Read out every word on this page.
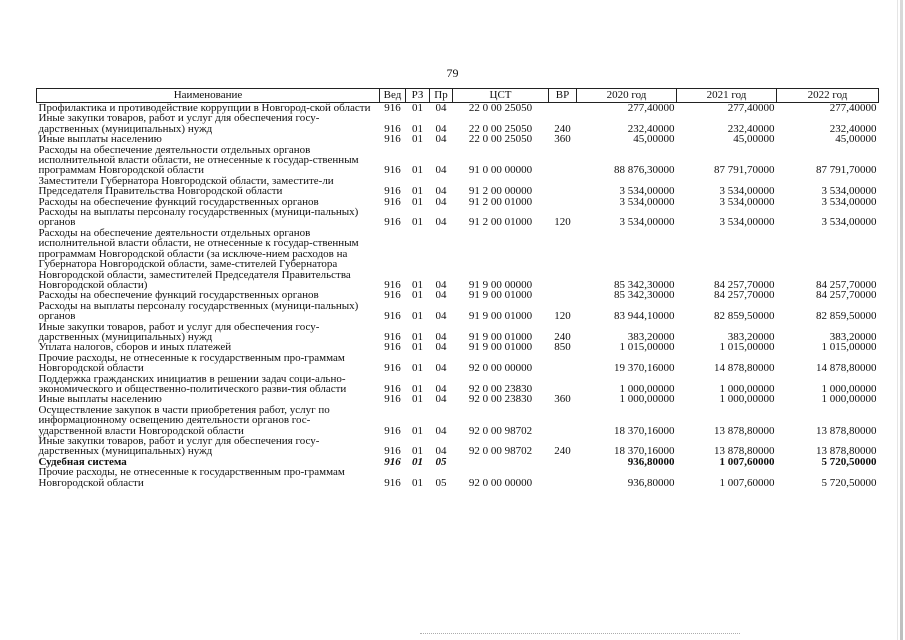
79
Наименование	Вед	РЗ	Пр	ЦСТ	ВР	2020 год	2021 год	2022 год
Профилактика и противодействие коррупции в Новгород-ской области	916	01	04	22 0 00 25050		277,40000	277,40000	277,40000
Иные закупки товаров, работ и услуг для обеспечения госу-дарственных (муниципальных) нужд	916	01	04	22 0 00 25050	240	232,40000	232,40000	232,40000
Иные выплаты населению	916	01	04	22 0 00 25050	360	45,00000	45,00000	45,00000
Расходы на обеспечение деятельности отдельных органов исполнительной власти области, не отнесенные к государ-ственным программам Новгородской области	916	01	04	91 0 00 00000		88 876,30000	87 791,70000	87 791,70000
Заместители Губернатора Новгородской области, заместите-ли Председателя Правительства Новгородской области	916	01	04	91 2 00 00000		3 534,00000	3 534,00000	3 534,00000
Расходы на обеспечение функций государственных органов	916	01	04	91 2 00 01000		3 534,00000	3 534,00000	3 534,00000
Расходы на выплаты персоналу государственных (муници-пальных) органов	916	01	04	91 2 00 01000	120	3 534,00000	3 534,00000	3 534,00000
Расходы на обеспечение деятельности отдельных органов исполнительной власти области, не отнесенные к государ-ственным программам Новгородской области (за исключе-нием расходов на Губернатора Новгородской области, заме-стителей Губернатора Новгородской области, заместителей Председателя Правительства Новгородской области)	916	01	04	91 9 00 00000		85 342,30000	84 257,70000	84 257,70000
Расходы на обеспечение функций государственных органов	916	01	04	91 9 00 01000		85 342,30000	84 257,70000	84 257,70000
Расходы на выплаты персоналу государственных (муници-пальных) органов	916	01	04	91 9 00 01000	120	83 944,10000	82 859,50000	82 859,50000
Иные закупки товаров, работ и услуг для обеспечения госу-дарственных (муниципальных) нужд	916	01	04	91 9 00 01000	240	383,20000	383,20000	383,20000
Уплата налогов, сборов и иных платежей	916	01	04	91 9 00 01000	850	1 015,00000	1 015,00000	1 015,00000
Прочие расходы, не отнесенные к государственным про-граммам Новгородской области	916	01	04	92 0 00 00000		19 370,16000	14 878,80000	14 878,80000
Поддержка гражданских инициатив в решении задач соци-ально-экономического и общественно-политического разви-тия области	916	01	04	92 0 00 23830		1 000,00000	1 000,00000	1 000,00000
Иные выплаты населению	916	01	04	92 0 00 23830	360	1 000,00000	1 000,00000	1 000,00000
Осуществление закупок в части приобретения работ, услуг по информационному освещению деятельности органов гос-ударственной власти Новгородской области	916	01	04	92 0 00 98702		18 370,16000	13 878,80000	13 878,80000
Иные закупки товаров, работ и услуг для обеспечения госу-дарственных (муниципальных) нужд	916	01	04	92 0 00 98702	240	18 370,16000	13 878,80000	13 878,80000
Судебная система	916	01	05			936,80000	1 007,60000	5 720,50000
Прочие расходы, не отнесенные к государственным про-граммам Новгородской области	916	01	05	92 0 00 00000		936,80000	1 007,60000	5 720,50000
